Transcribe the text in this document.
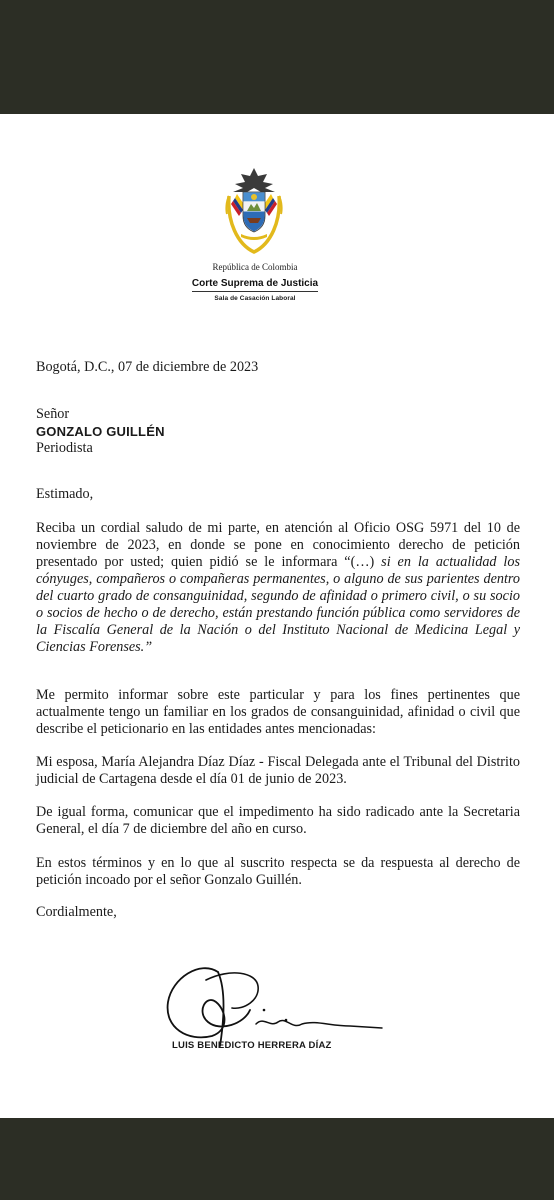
República de Colombia
Corte Suprema de Justicia
Sala de Casación Laboral
Bogotá, D.C., 07 de diciembre de 2023
Señor
GONZALO GUILLÉN
Periodista
Estimado,
Reciba un cordial saludo de mi parte, en atención al Oficio OSG 5971 del 10 de noviembre de 2023, en donde se pone en conocimiento derecho de petición presentado por usted; quien pidió se le informara “(…) si en la actualidad los cónyuges, compañeros o compañeras permanentes, o alguno de sus parientes dentro del cuarto grado de consanguinidad, segundo de afinidad o primero civil, o su socio o socios de hecho o de derecho, están prestando función pública como servidores de la Fiscalía General de la Nación o del Instituto Nacional de Medicina Legal y Ciencias Forenses.”
Me permito informar sobre este particular y para los fines pertinentes que actualmente tengo un familiar en los grados de consanguinidad, afinidad o civil que describe el peticionario en las entidades antes mencionadas:
Mi esposa, María Alejandra Díaz Díaz - Fiscal Delegada ante el Tribunal del Distrito judicial de Cartagena desde el día 01 de junio de 2023.
De igual forma, comunicar que el impedimento ha sido radicado ante la Secretaria General, el día 7 de diciembre del año en curso.
En estos términos y en lo que al suscrito respecta se da respuesta al derecho de petición incoado por el señor Gonzalo Guillén.
Cordialmente,
LUIS BENEDICTO HERRERA DÍAZ
